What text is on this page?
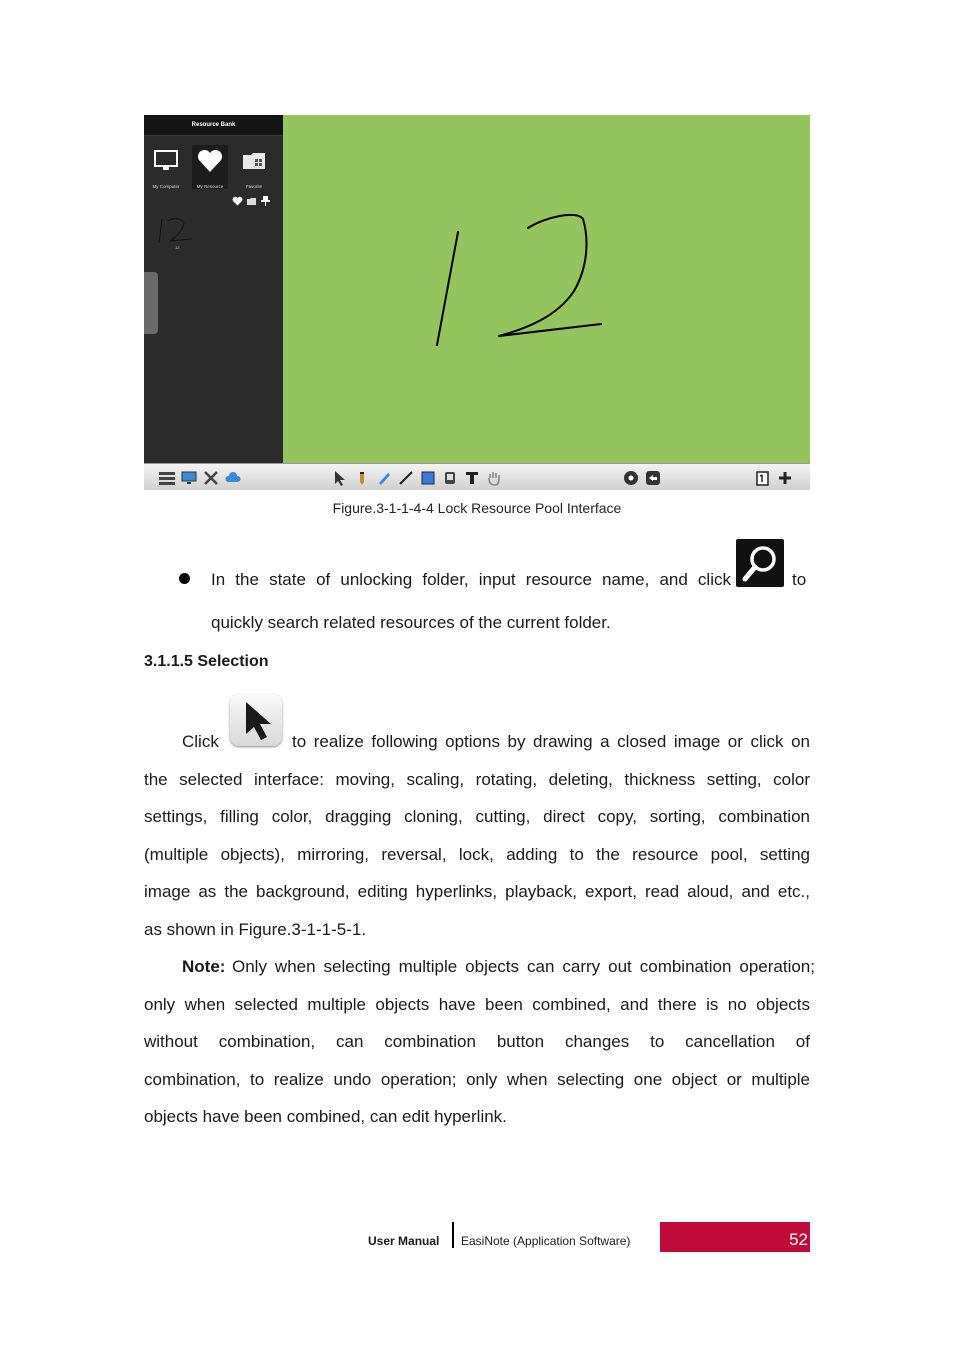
Resource Bank
My Computer	My Resource	Favorite
12
Figure.3-1-1-4-4 Lock Resource Pool Interface
In the state of unlocking folder, input resource name, and click	to
quickly search related resources of the current folder.
3.1.1.5 Selection
Click	to realize following options by drawing a closed image or click on
the selected interface: moving, scaling, rotating, deleting, thickness setting, color
settings, filling color, dragging cloning, cutting, direct copy, sorting, combination
(multiple objects), mirroring, reversal, lock, adding to the resource pool, setting
image as the background, editing hyperlinks, playback, export, read aloud, and etc.,
as shown in Figure.3-1-1-5-1.
Note: Only when selecting multiple objects can carry out combination operation;
only when selected multiple objects have been combined, and there is no objects
without combination, can combination button changes to cancellation of
combination, to realize undo operation; only when selecting one object or multiple
objects have been combined, can edit hyperlink.
User Manual EasiNote (Application Software)	52
